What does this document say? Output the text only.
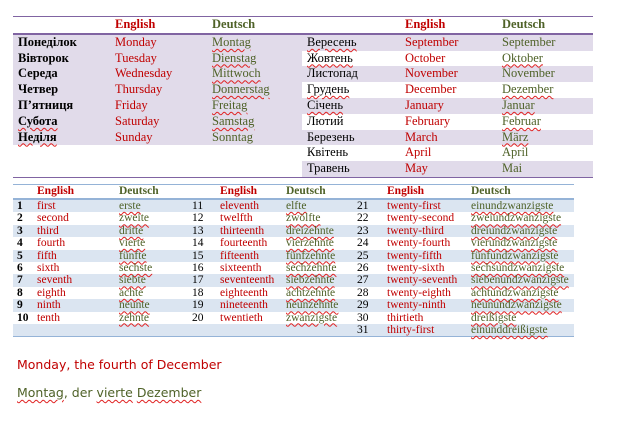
	English	Deutsch		English	Deutsch
Понеділок	Monday	Montag	Вересень	September	September
Вівторок	Tuesday	Dienstag	Жовтень	October	Oktober
Середа	Wednesday	Mittwoch	Листопад	November	November
Четвер	Thursday	Donnerstag	Грудень	December	Dezember
П’ятниця	Friday	Freitag	Січень	January	Januar
Субота	Saturday	Samstag	Лютий	February	Februar
Неділя	Sunday	Sonntag	Березень	March	März
			Квітень	April	April
			Травень	May	Mai
	English	Deutsch		English	Deutsch		English	Deutsch
1	first	erste	11	eleventh	elfte	21	twenty-first	einundzwanzigste
2	second	zweite	12	twelfth	zwölfte	22	twenty-second	zweiundzwanzigste
3	third	dritte	13	thirteenth	dreizehnte	23	twenty-third	dreiundzwanzigste
4	fourth	vierte	14	fourteenth	vierzehnte	24	twenty-fourth	vierundzwanzigste
5	fifth	fünfte	15	fifteenth	fünfzehnte	25	twenty-fifth	fünfundzwanzigste
6	sixth	sechste	16	sixteenth	sechzehnte	26	twenty-sixth	sechsundzwanzigste
7	seventh	siebte	17	seventeenth	siebzehnte	27	twenty-seventh	siebenundzwanzigste
8	eighth	achte	18	eighteenth	achtzehnte	28	twenty-eighth	achtundzwanzigste
9	ninth	neunte	19	nineteenth	neunzehnte	29	twenty-ninth	neunundzwanzigste
10	tenth	zehnte	20	twentieth	zwanzigste	30	thirtieth	dreißigste
						31	thirty-first	einunddreißigste
Monday, the fourth of December
Montag, der vierte Dezember
